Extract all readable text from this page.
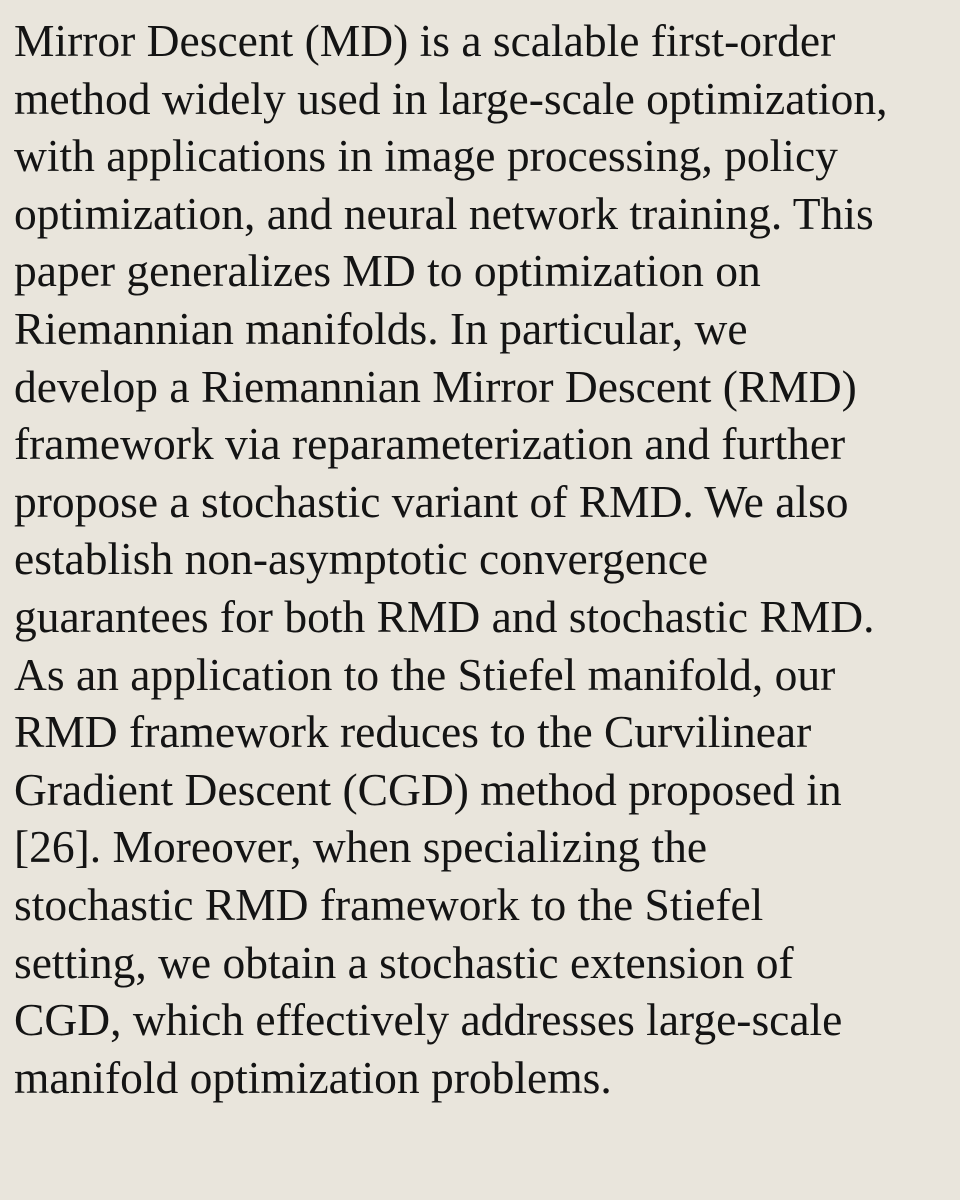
Mirror Descent (MD) is a scalable first-order
method widely used in large-scale optimization,
with applications in image processing, policy
optimization, and neural network training. This
paper generalizes MD to optimization on
Riemannian manifolds. In particular, we
develop a Riemannian Mirror Descent (RMD)
framework via reparameterization and further
propose a stochastic variant of RMD. We also
establish non-asymptotic convergence
guarantees for both RMD and stochastic RMD.
As an application to the Stiefel manifold, our
RMD framework reduces to the Curvilinear
Gradient Descent (CGD) method proposed in
[26]. Moreover, when specializing the
stochastic RMD framework to the Stiefel
setting, we obtain a stochastic extension of
CGD, which effectively addresses large-scale
manifold optimization problems.
